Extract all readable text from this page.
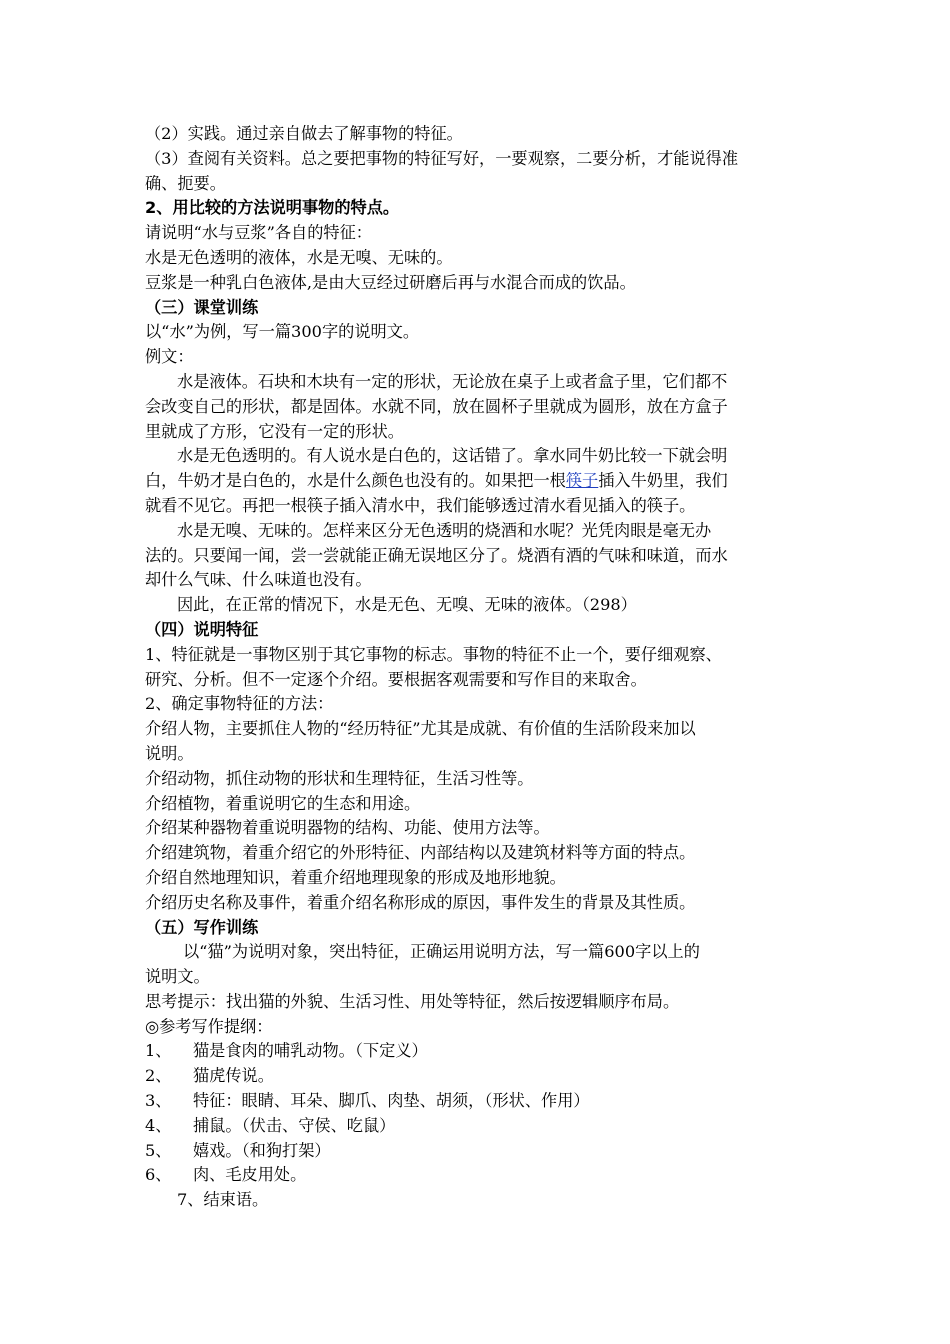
（2）实践。通过亲自做去了解事物的特征。
（3）查阅有关资料。总之要把事物的特征写好，一要观察，二要分析，才能说得准
确、扼要。
2、用比较的方法说明事物的特点。
请说明“水与豆浆”各自的特征：
水是无色透明的液体，水是无嗅、无味的。
豆浆是一种乳白色液体,是由大豆经过研磨后再与水混合而成的饮品。
（三）课堂训练
以“水”为例，写一篇300字的说明文。
例文：
水是液体。石块和木块有一定的形状，无论放在桌子上或者盒子里，它们都不
会改变自己的形状，都是固体。水就不同，放在圆杯子里就成为圆形，放在方盒子
里就成了方形，它没有一定的形状。
水是无色透明的。有人说水是白色的，这话错了。拿水同牛奶比较一下就会明
白，牛奶才是白色的，水是什么颜色也没有的。如果把一根筷子插入牛奶里，我们
就看不见它。再把一根筷子插入清水中，我们能够透过清水看见插入的筷子。
水是无嗅、无味的。怎样来区分无色透明的烧酒和水呢？光凭肉眼是毫无办
法的。只要闻一闻，尝一尝就能正确无误地区分了。烧酒有酒的气味和味道，而水
却什么气味、什么味道也没有。
因此，在正常的情况下，水是无色、无嗅、无味的液体。（298）
（四）说明特征
1、特征就是一事物区别于其它事物的标志。事物的特征不止一个，要仔细观察、
研究、分析。但不一定逐个介绍。要根据客观需要和写作目的来取舍。
2、确定事物特征的方法：
介绍人物，主要抓住人物的“经历特征”尤其是成就、有价值的生活阶段来加以
说明。
介绍动物，抓住动物的形状和生理特征，生活习性等。
介绍植物，着重说明它的生态和用途。
介绍某种器物着重说明器物的结构、功能、使用方法等。
介绍建筑物，着重介绍它的外形特征、内部结构以及建筑材料等方面的特点。
介绍自然地理知识，着重介绍地理现象的形成及地形地貌。
介绍历史名称及事件，着重介绍名称形成的原因，事件发生的背景及其性质。
（五）写作训练
以“猫”为说明对象，突出特征，正确运用说明方法，写一篇600字以上的
说明文。
思考提示：找出猫的外貌、生活习性、用处等特征，然后按逻辑顺序布局。
◎参考写作提纲：
1、 猫是食肉的哺乳动物。（下定义）
2、 猫虎传说。
3、 特征：眼睛、耳朵、脚爪、肉垫、胡须，（形状、作用）
4、 捕鼠。（伏击、守侯、吃鼠）
5、 嬉戏。（和狗打架）
6、 肉、毛皮用处。
7、结束语。
